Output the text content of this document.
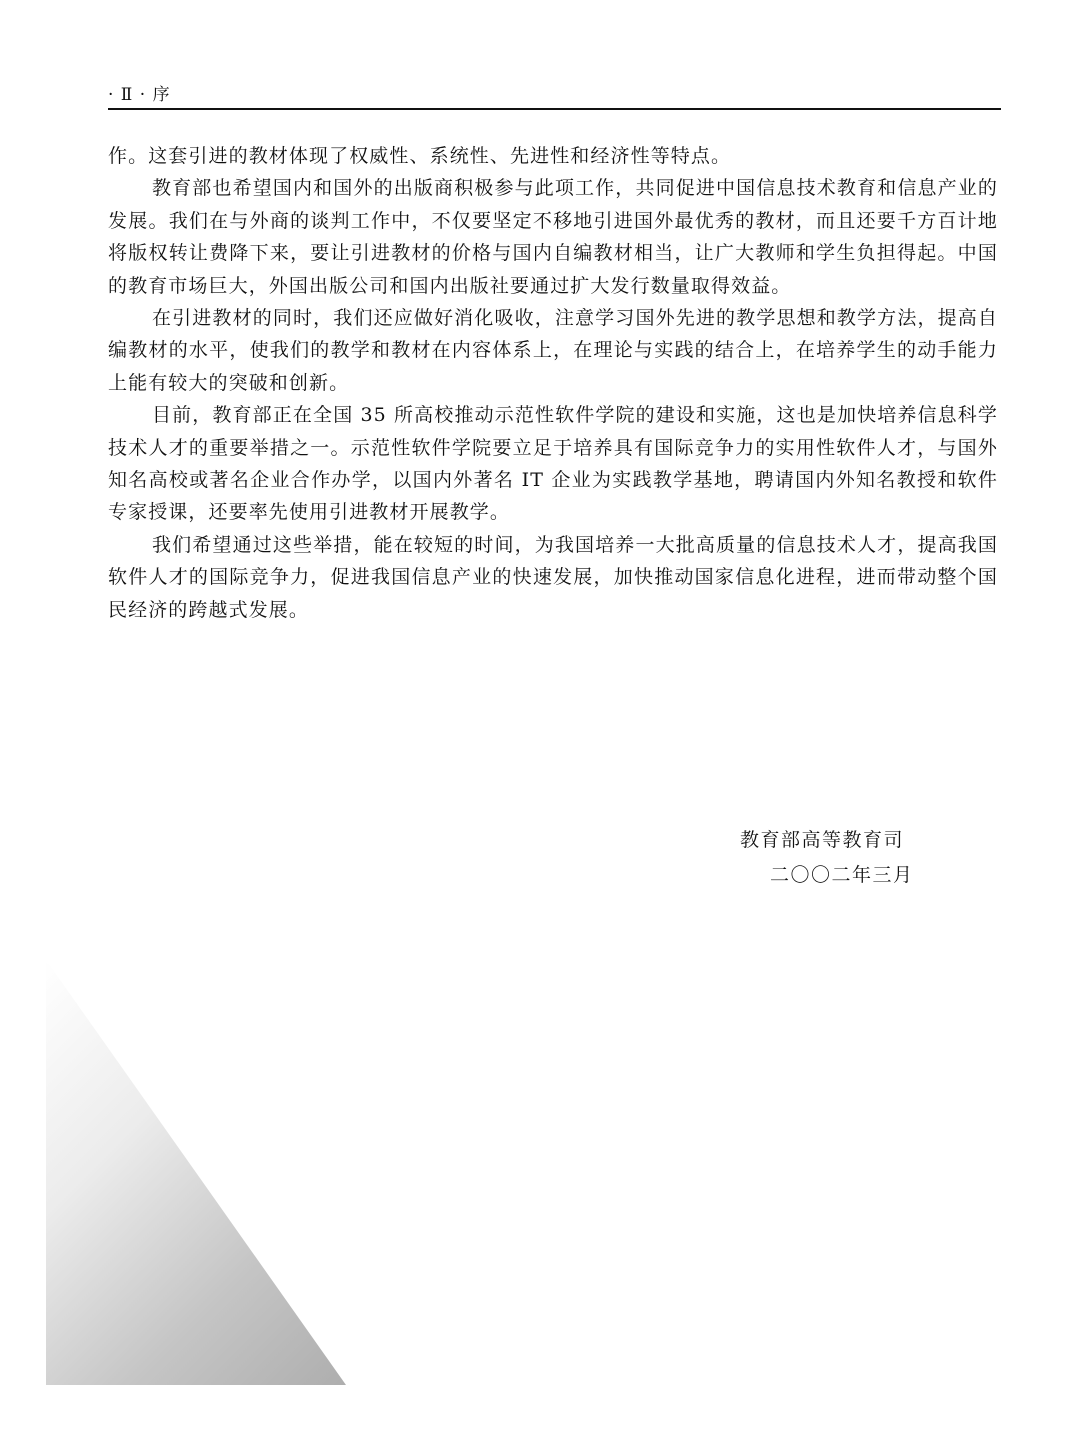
· Ⅱ · 序

作。这套引进的教材体现了权威性、系统性、先进性和经济性等特点。

教育部也希望国内和国外的出版商积极参与此项工作，共同促进中国信息技术教育和信息产业的发展。我们在与外商的谈判工作中，不仅要坚定不移地引进国外最优秀的教材，而且还要千方百计地将版权转让费降下来，要让引进教材的价格与国内自编教材相当，让广大教师和学生负担得起。中国的教育市场巨大，外国出版公司和国内出版社要通过扩大发行数量取得效益。

在引进教材的同时，我们还应做好消化吸收，注意学习国外先进的教学思想和教学方法，提高自编教材的水平，使我们的教学和教材在内容体系上，在理论与实践的结合上，在培养学生的动手能力上能有较大的突破和创新。

目前，教育部正在全国 35 所高校推动示范性软件学院的建设和实施，这也是加快培养信息科学技术人才的重要举措之一。示范性软件学院要立足于培养具有国际竞争力的实用性软件人才，与国外知名高校或著名企业合作办学，以国内外著名 IT 企业为实践教学基地，聘请国内外知名教授和软件专家授课，还要率先使用引进教材开展教学。

我们希望通过这些举措，能在较短的时间，为我国培养一大批高质量的信息技术人才，提高我国软件人才的国际竞争力，促进我国信息产业的快速发展，加快推动国家信息化进程，进而带动整个国民经济的跨越式发展。

教育部高等教育司
二〇〇二年三月
